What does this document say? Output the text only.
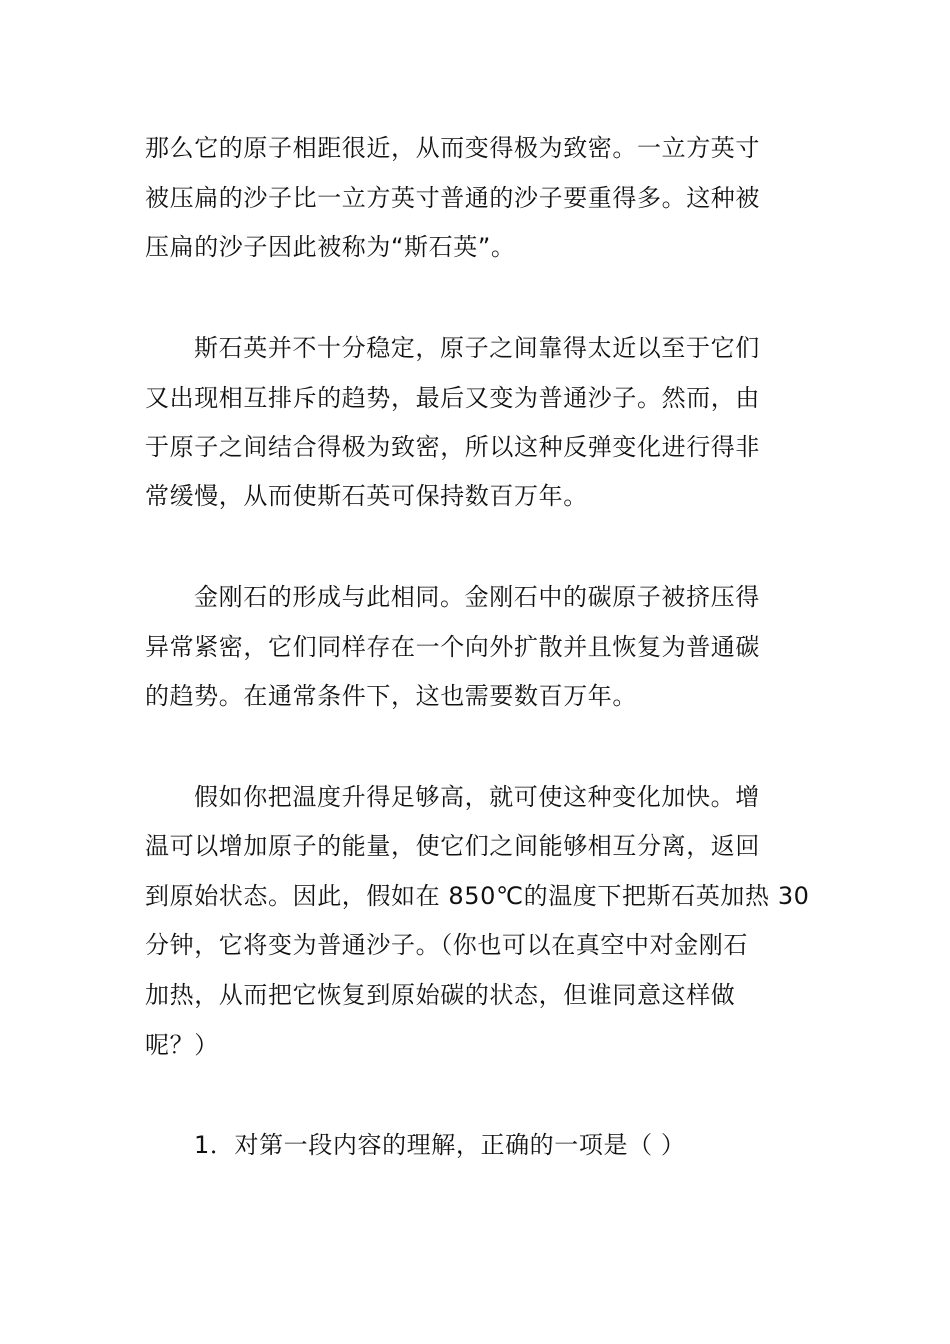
那么它的原子相距很近，从而变得极为致密。一立方英寸

被压扁的沙子比一立方英寸普通的沙子要重得多。这种被

压扁的沙子因此被称为“斯石英”。

斯石英并不十分稳定，原子之间靠得太近以至于它们

又出现相互排斥的趋势，最后又变为普通沙子。然而，由

于原子之间结合得极为致密，所以这种反弹变化进行得非

常缓慢，从而使斯石英可保持数百万年。

金刚石的形成与此相同。金刚石中的碳原子被挤压得

异常紧密，它们同样存在一个向外扩散并且恢复为普通碳

的趋势。在通常条件下，这也需要数百万年。

假如你把温度升得足够高，就可使这种变化加快。增

温可以增加原子的能量，使它们之间能够相互分离，返回

到原始状态。因此，假如在 850℃的温度下把斯石英加热 30

分钟，它将变为普通沙子。（你也可以在真空中对金刚石

加热，从而把它恢复到原始碳的状态，但谁同意这样做

呢？）

1．对第一段内容的理解，正确的一项是（ ）
